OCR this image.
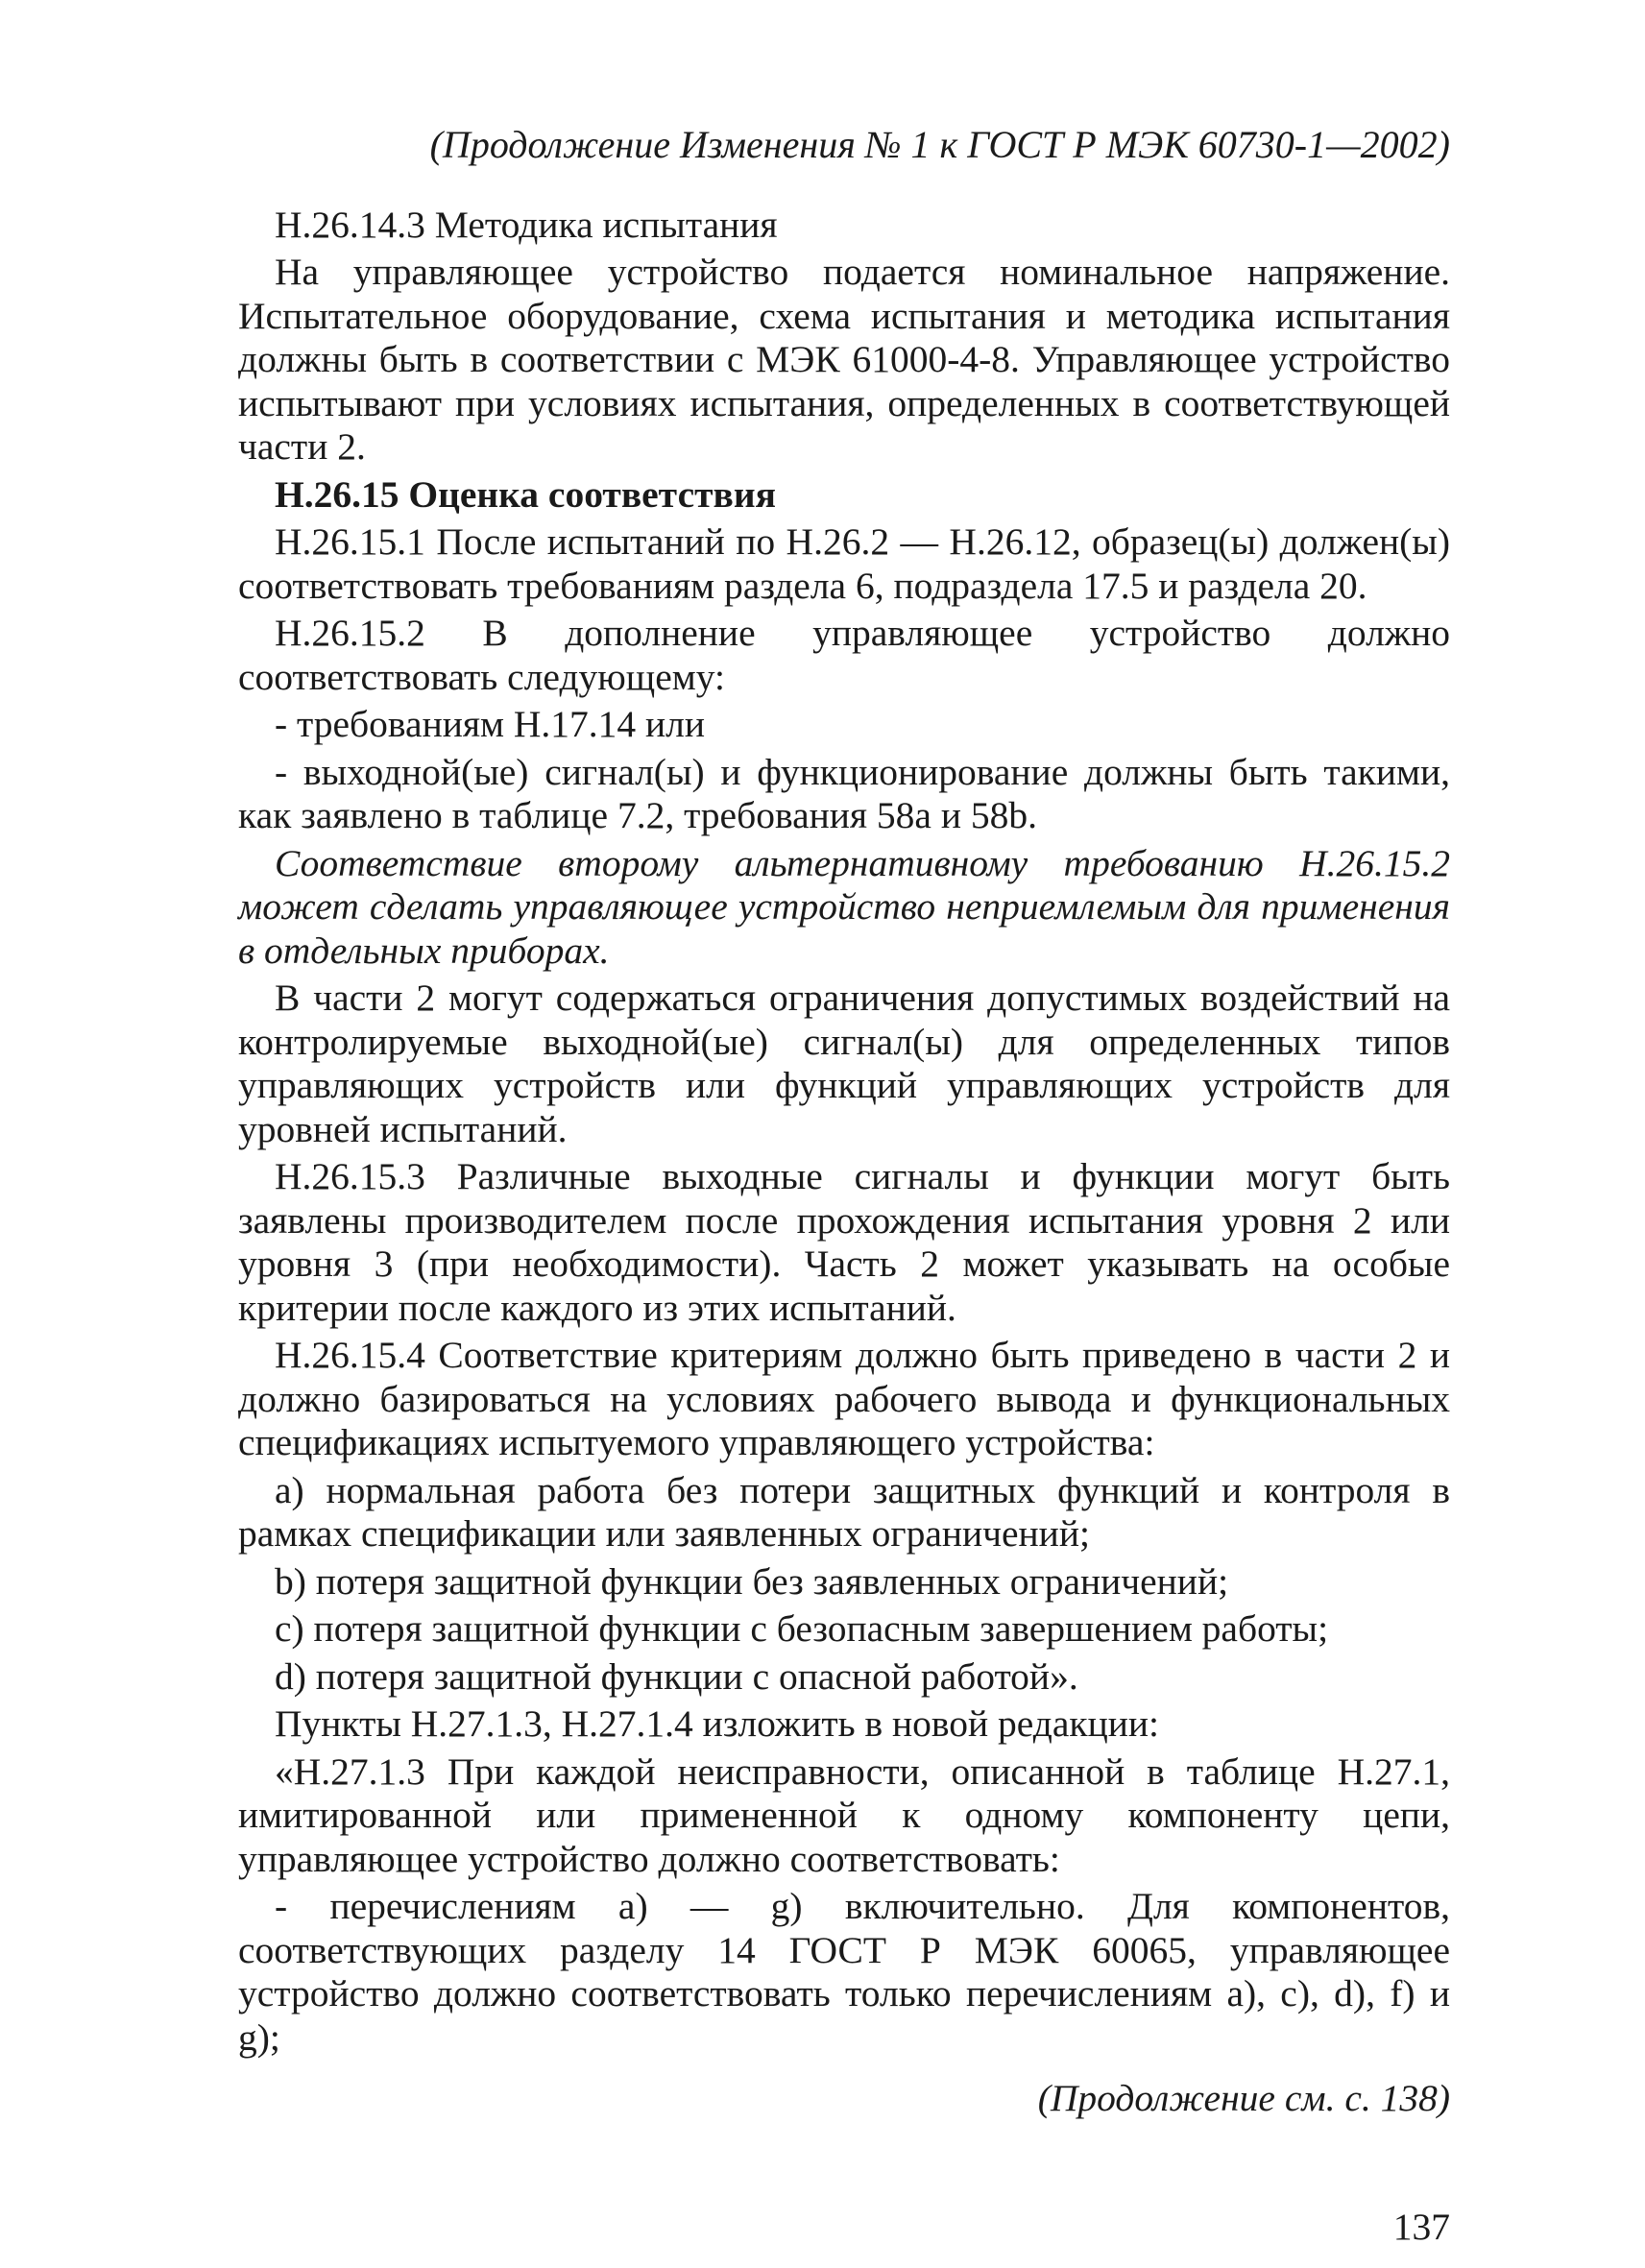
(Продолжение Изменения № 1 к ГОСТ Р МЭК 60730-1—2002)
Н.26.14.3 Методика испытания
На управляющее устройство подается номинальное напряжение. Испытательное оборудование, схема испытания и методика испытания должны быть в соответствии с МЭК 61000-4-8. Управляющее устройство испытывают при условиях испытания, определенных в соответствующей части 2.
Н.26.15 Оценка соответствия
Н.26.15.1 После испытаний по Н.26.2 — Н.26.12, образец(ы) должен(ы) соответствовать требованиям раздела 6, подраздела 17.5 и раздела 20.
Н.26.15.2 В дополнение управляющее устройство должно соответствовать следующему:
- требованиям Н.17.14 или
- выходной(ые) сигнал(ы) и функционирование должны быть такими, как заявлено в таблице 7.2, требования 58а и 58b.
Соответствие второму альтернативному требованию Н.26.15.2 может сделать управляющее устройство неприемлемым для применения в отдельных приборах.
В части 2 могут содержаться ограничения допустимых воздействий на контролируемые выходной(ые) сигнал(ы) для определенных типов управляющих устройств или функций управляющих устройств для уровней испытаний.
Н.26.15.3 Различные выходные сигналы и функции могут быть заявлены производителем после прохождения испытания уровня 2 или уровня 3 (при необходимости). Часть 2 может указывать на особые критерии после каждого из этих испытаний.
Н.26.15.4 Соответствие критериям должно быть приведено в части 2 и должно базироваться на условиях рабочего вывода и функциональных спецификациях испытуемого управляющего устройства:
а) нормальная работа без потери защитных функций и контроля в рамках спецификации или заявленных ограничений;
b) потеря защитной функции без заявленных ограничений;
с) потеря защитной функции с безопасным завершением работы;
d) потеря защитной функции с опасной работой».
Пункты Н.27.1.3, Н.27.1.4 изложить в новой редакции:
«Н.27.1.3 При каждой неисправности, описанной в таблице Н.27.1, имитированной или примененной к одному компоненту цепи, управляющее устройство должно соответствовать:
- перечислениям а) — g) включительно. Для компонентов, соответствующих разделу 14 ГОСТ Р МЭК 60065, управляющее устройство должно соответствовать только перечислениям а), с), d), f) и g);
(Продолжение см. с. 138)
137
